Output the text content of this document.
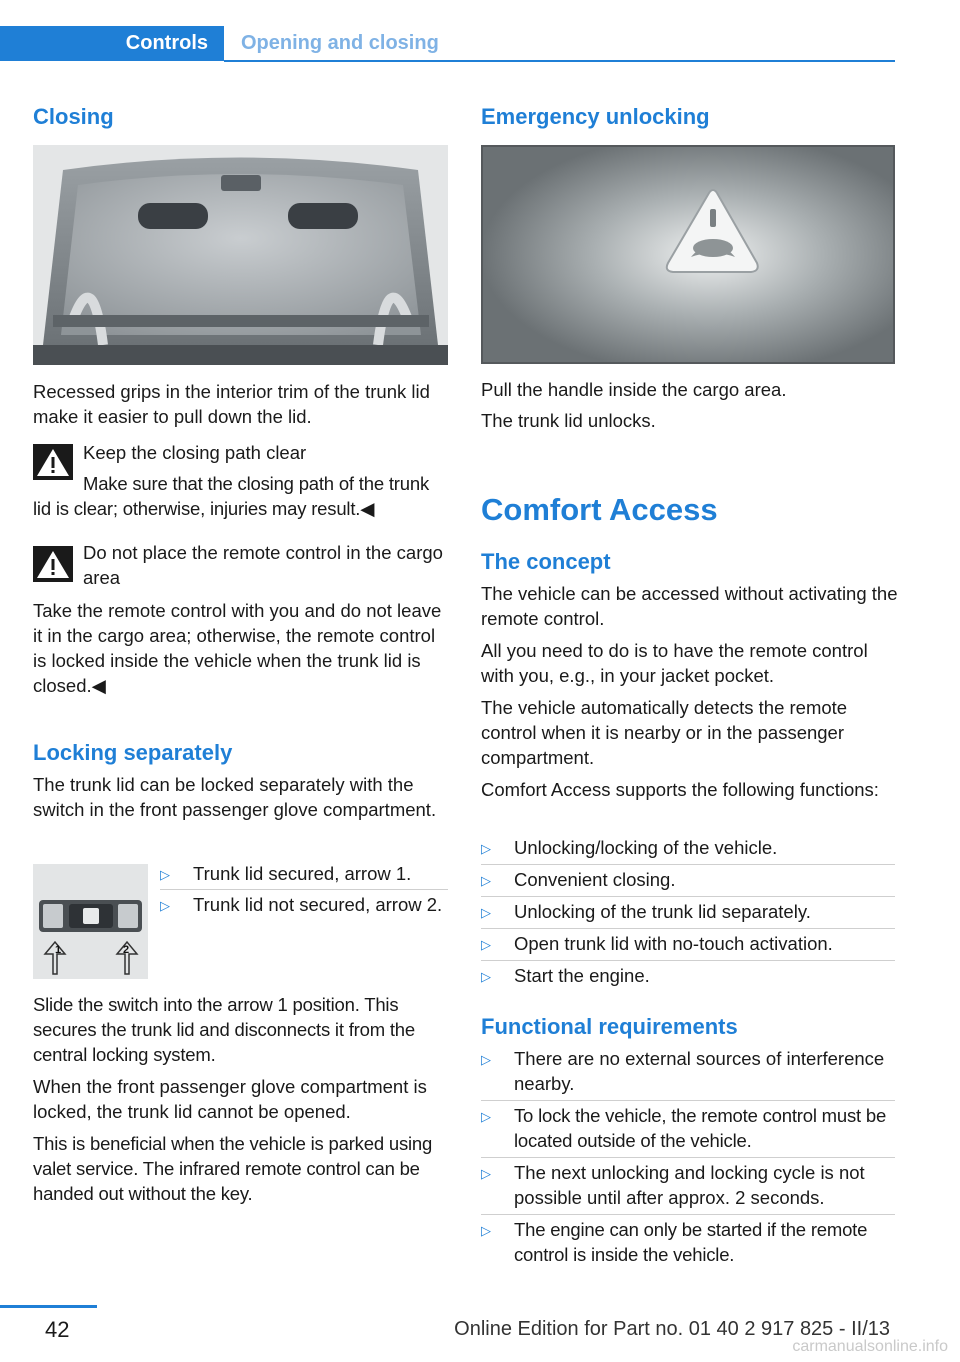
Controls	Opening and closing
Closing

Recessed grips in the interior trim of the trunk lid make it easier to pull down the lid.

Keep the closing path clear

Make sure that the closing path of the trunk lid is clear; otherwise, injuries may result.◀

Do not place the remote control in the cargo area

Take the remote control with you and do not leave it in the cargo area; otherwise, the remote control is locked inside the vehicle when the trunk lid is closed.◀

Locking separately

The trunk lid can be locked separately with the switch in the front passenger glove compartment.

1	2
▷ Trunk lid secured, arrow 1.
▷ Trunk lid not secured, arrow 2.

Slide the switch into the arrow 1 position. This secures the trunk lid and disconnects it from the central locking system.

When the front passenger glove compartment is locked, the trunk lid cannot be opened.

This is beneficial when the vehicle is parked using valet service. The infrared remote control can be handed out without the key.

Emergency unlocking

Pull the handle inside the cargo area.

The trunk lid unlocks.

Comfort Access
The concept

The vehicle can be accessed without activating the remote control.

All you need to do is to have the remote control with you, e.g., in your jacket pocket.

The vehicle automatically detects the remote control when it is nearby or in the passenger compartment.

Comfort Access supports the following functions:

▷ Unlocking/locking of the vehicle.
▷ Convenient closing.
▷ Unlocking of the trunk lid separately.
▷ Open trunk lid with no-touch activation.
▷ Start the engine.
Functional requirements
▷ There are no external sources of interference nearby.
▷ To lock the vehicle, the remote control must be located outside of the vehicle.
▷ The next unlocking and locking cycle is not possible until after approx. 2 seconds.
▷ The engine can only be started if the remote control is inside the vehicle.
42	Online Edition for Part no. 01 40 2 917 825 - II/13
carmanualsonline.info
